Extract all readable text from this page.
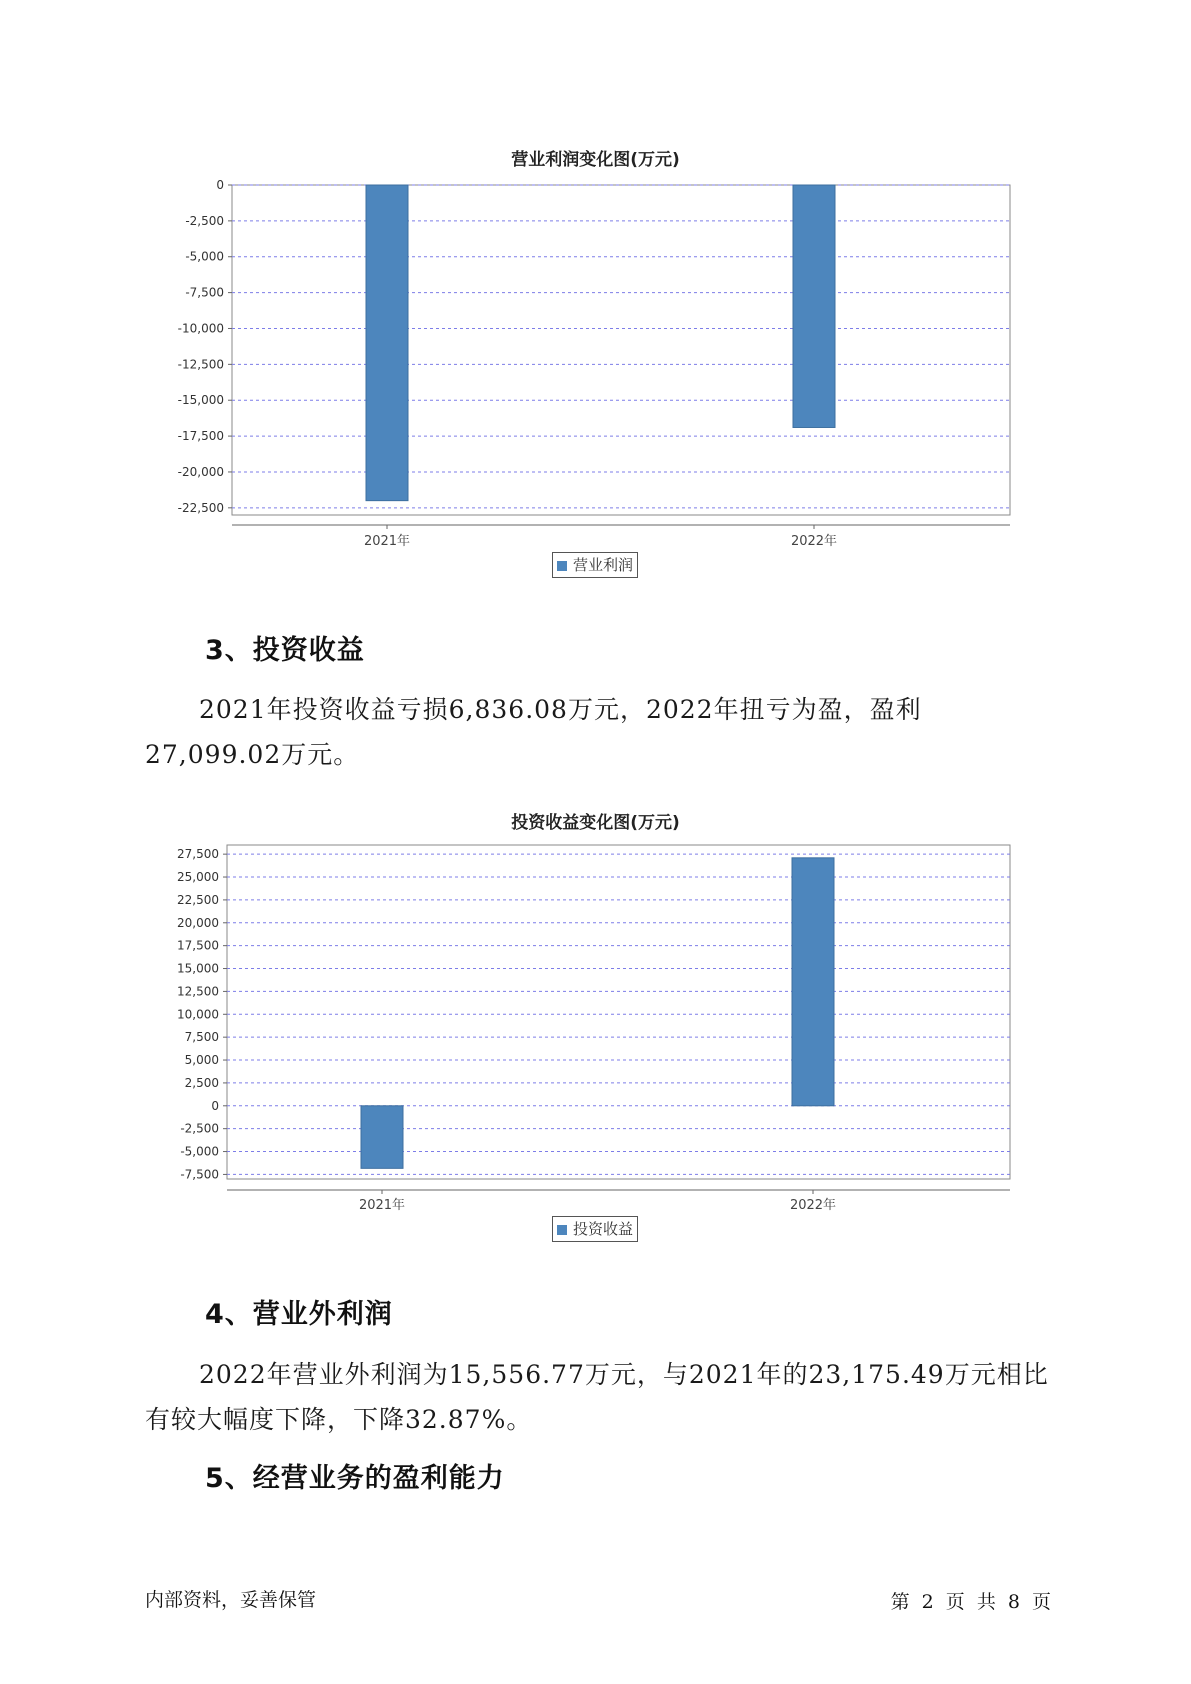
营业利润变化图(万元)
0
-2,500
-5,000
-7,500
-10,000
-12,500
-15,000
-17,500
-20,000
-22,500
2021年	2022年
营业利润
3、投资收益
2021年投资收益亏损6,836.08万元，2022年扭亏为盈，盈利27,099.02万元。
投资收益变化图(万元)
27,500
25,000
22,500
20,000
17,500
15,000
12,500
10,000
7,500
5,000
2,500
0
-2,500
-5,000
-7,500
2021年	2022年
投资收益
4、营业外利润
2022年营业外利润为15,556.77万元，与2021年的23,175.49万元相比有较大幅度下降，下降32.87%。
5、经营业务的盈利能力
内部资料，妥善保管	第 2 页 共 8 页
